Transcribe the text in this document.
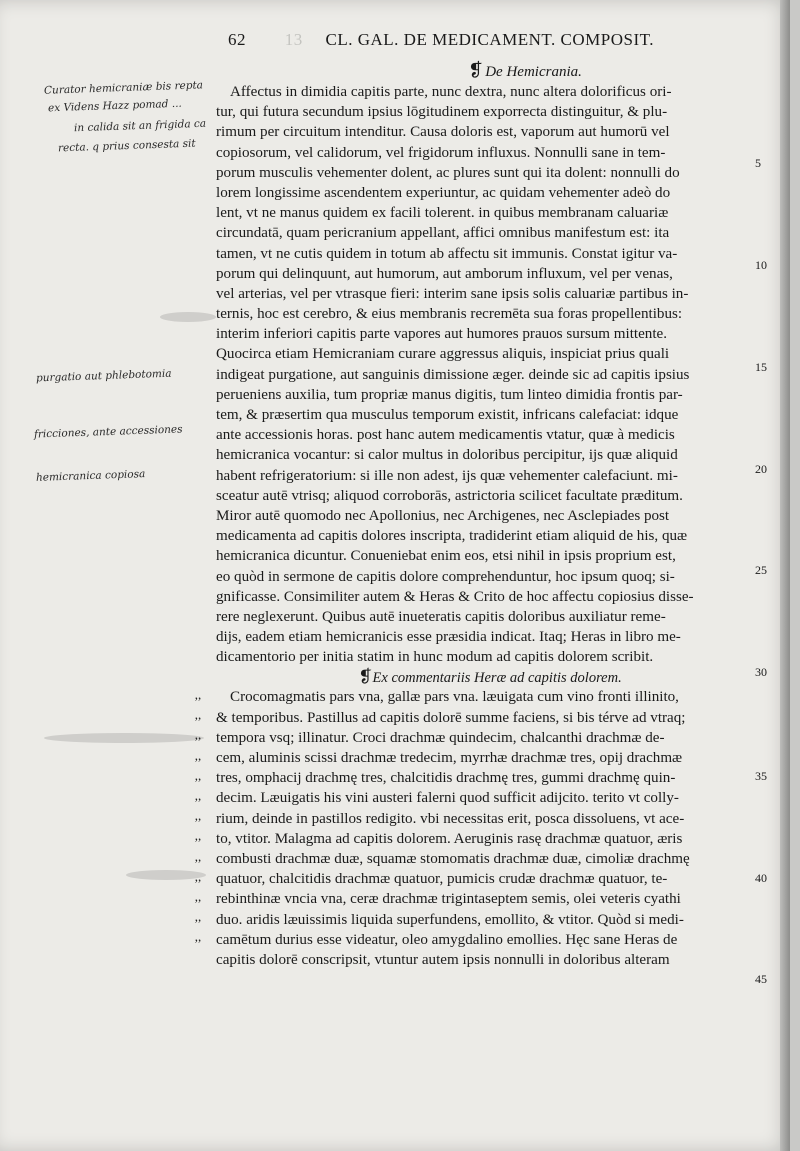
62 13 CL. GAL. DE MEDICAMENT. COMPOSIT.
Curator hemicraniæ bis repta
ex Videns Hazz pomad ...
in calida sit an frigida ca
recta. q prius consesta sit
purgatio aut phlebotomia
fricciones, ante accessiones
hemicranica copiosa
5
10
15
20
25
30
35
40
45
❡ De Hemicrania.
Affectus in dimidia capitis parte, nunc dextra, nunc altera dolorificus ori-
tur, qui futura secundum ipsius lōgitudinem exporrecta distinguitur, & plu-
rimum per circuitum intenditur. Causa doloris est, vaporum aut humorū vel
copiosorum, vel calidorum, vel frigidorum influxus. Nonnulli sane in tem-
porum musculis vehementer dolent, ac plures sunt qui ita dolent: nonnulli do
lorem longissime ascendentem experiuntur, ac quidam vehementer adeò do
lent, vt ne manus quidem ex facili tolerent. in quibus membranam caluariæ
circundatā, quam pericranium appellant, affici omnibus manifestum est: ita
tamen, vt ne cutis quidem in totum ab affectu sit immunis. Constat igitur va-
porum qui delinquunt, aut humorum, aut amborum influxum, vel per venas,
vel arterias, vel per vtrasque fieri: interim sane ipsis solis caluariæ partibus in-
ternis, hoc est cerebro, & eius membranis recremēta sua foras propellentibus:
interim inferiori capitis parte vapores aut humores prauos sursum mittente.
Quocirca etiam Hemicraniam curare aggressus aliquis, inspiciat prius quali
indigeat purgatione, aut sanguinis dimissione æger. deinde sic ad capitis ipsius
perueniens auxilia, tum propriæ manus digitis, tum linteo dimidia frontis par-
tem, & præsertim qua musculus temporum existit, infricans calefaciat: idque
ante accessionis horas. post hanc autem medicamentis vtatur, quæ à medicis
hemicranica vocantur: si calor multus in doloribus percipitur, ijs quæ aliquid
habent refrigeratorium: si ille non adest, ijs quæ vehementer calefaciunt. mi-
sceatur autē vtrisq; aliquod corroborās, astrictoria scilicet facultate præditum.
Miror autē quomodo nec Apollonius, nec Archigenes, nec Asclepiades post
medicamenta ad capitis dolores inscripta, tradiderint etiam aliquid de his, quæ
hemicranica dicuntur. Conueniebat enim eos, etsi nihil in ipsis proprium est,
eo quòd in sermone de capitis dolore comprehenduntur, hoc ipsum quoq; si-
gnificasse. Consimiliter autem & Heras & Crito de hoc affectu copiosius disse-
rere neglexerunt. Quibus autē inueteratis capitis doloribus auxiliatur reme-
dijs, eadem etiam hemicranicis esse præsidia indicat. Itaq; Heras in libro me-
dicamentorio per initia statim in hunc modum ad capitis dolorem scribit.
❡Ex commentariis Heræ ad capitis dolorem.
Crocomagmatis pars vna, gallæ pars vna. læuigata cum vino fronti illinito,
& temporibus. Pastillus ad capitis dolorē summe faciens, si bis térve ad vtraq;
tempora vsq; illinatur. Croci drachmæ quindecim, chalcanthi drachmæ de-
cem, aluminis scissi drachmæ tredecim, myrrhæ drachmæ tres, opij drachmæ
tres, omphacij drachmę tres, chalcitidis drachmę tres, gummi drachmę quin-
decim. Læuigatis his vini austeri falerni quod sufficit adijcito. terito vt colly-
rium, deinde in pastillos redigito. vbi necessitas erit, posca dissoluens, vt ace-
to, vtitor. Malagma ad capitis dolorem. Aeruginis rasę drachmæ quatuor, æris
combusti drachmæ duæ, squamæ stomomatis drachmæ duæ, cimoliæ drachmę
quatuor, chalcitidis drachmæ quatuor, pumicis crudæ drachmæ quatuor, te-
rebinthinæ vncia vna, ceræ drachmæ trigintaseptem semis, olei veteris cyathi
duo. aridis læuissimis liquida superfundens, emollito, & vtitor. Quòd si medi-
camētum durius esse videatur, oleo amygdalino emollies. Hęc sane Heras de
capitis dolorē conscripsit, vtuntur autem ipsis nonnulli in doloribus alteram
,,
,,
,,
,,
,,
,,
,,
,,
,,
,,
,,
,,
,,
